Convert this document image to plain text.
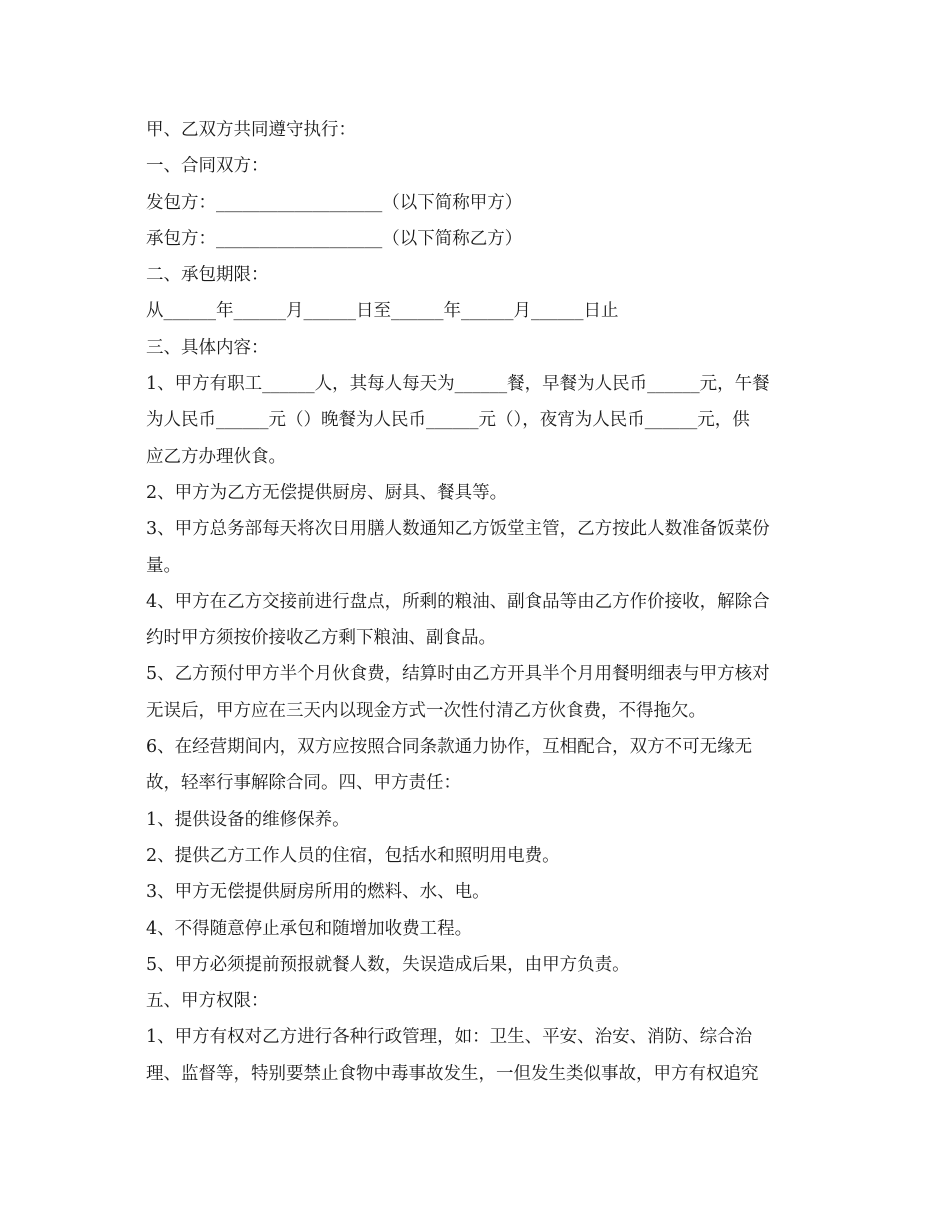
甲、乙双方共同遵守执行：

一、合同双方：

发包方：___________________（以下简称甲方）

承包方：___________________（以下简称乙方）

二、承包期限：

从______年______月______日至______年______月______日止

三、具体内容：

1、甲方有职工______人，其每人每天为______餐，早餐为人民币______元，午餐

为人民币______元（）晚餐为人民币______元（），夜宵为人民币______元，供

应乙方办理伙食。

2、甲方为乙方无偿提供厨房、厨具、餐具等。

3、甲方总务部每天将次日用膳人数通知乙方饭堂主管，乙方按此人数准备饭菜份

量。

4、甲方在乙方交接前进行盘点，所剩的粮油、副食品等由乙方作价接收，解除合

约时甲方须按价接收乙方剩下粮油、副食品。

5、乙方预付甲方半个月伙食费，结算时由乙方开具半个月用餐明细表与甲方核对

无误后，甲方应在三天内以现金方式一次性付清乙方伙食费，不得拖欠。

6、在经营期间内，双方应按照合同条款通力协作，互相配合，双方不可无缘无

故，轻率行事解除合同。四、甲方责任：

1、提供设备的维修保养。

2、提供乙方工作人员的住宿，包括水和照明用电费。

3、甲方无偿提供厨房所用的燃料、水、电。

4、不得随意停止承包和随增加收费工程。

5、甲方必须提前预报就餐人数，失误造成后果，由甲方负责。

五、甲方权限：

1、甲方有权对乙方进行各种行政管理，如：卫生、平安、治安、消防、综合治

理、监督等，特别要禁止食物中毒事故发生，一但发生类似事故，甲方有权追究
